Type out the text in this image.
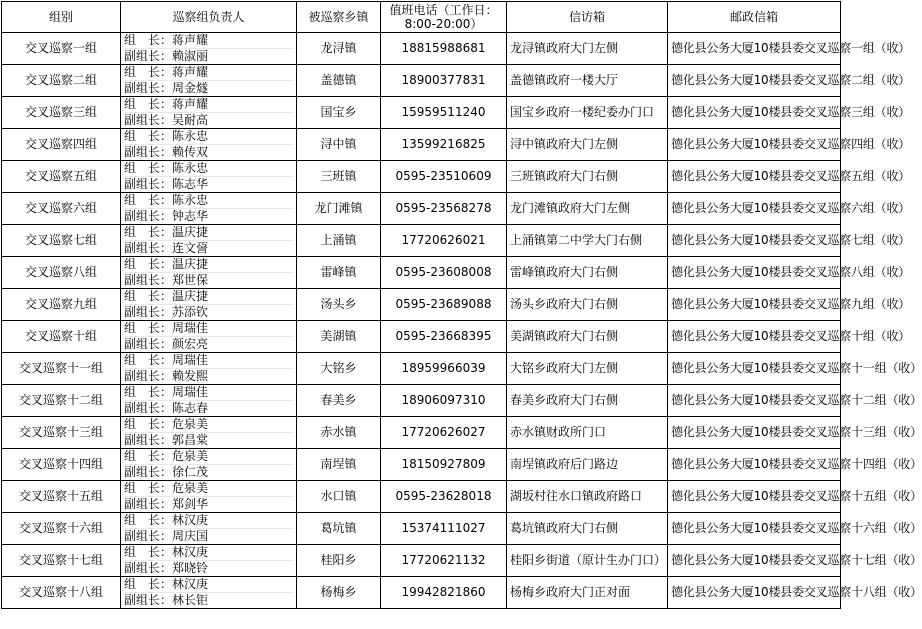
组别	巡察组负责人	被巡察乡镇	值班电话（工作日：8:00-20:00）	信访箱	邮政信箱
交叉巡察一组	组　长：蒋声耀
副组长：赖淑丽	龙浔镇	18815988681	龙浔镇政府大门左侧	德化县公务大厦10楼县委交叉巡察一组（收）
交叉巡察二组	组　长：蒋声耀
副组长：周金燧	盖德镇	18900377831	盖德镇政府一楼大厅	德化县公务大厦10楼县委交叉巡察二组（收）
交叉巡察三组	组　长：蒋声耀
副组长：吴耐高	国宝乡	15959511240	国宝乡政府一楼纪委办门口	德化县公务大厦10楼县委交叉巡察三组（收）
交叉巡察四组	组　长：陈永忠
副组长：赖传双	浔中镇	13599216825	浔中镇政府大门左侧	德化县公务大厦10楼县委交叉巡察四组（收）
交叉巡察五组	组　长：陈永忠
副组长：陈志华	三班镇	0595-23510609	三班镇政府大门右侧	德化县公务大厦10楼县委交叉巡察五组（收）
交叉巡察六组	组　长：陈永忠
副组长：钟志华	龙门滩镇	0595-23568278	龙门滩镇政府大门左侧	德化县公务大厦10楼县委交叉巡察六组（收）
交叉巡察七组	组　长：温庆捷
副组长：连文䛒	上涌镇	17720626021	上涌镇第二中学大门右侧	德化县公务大厦10楼县委交叉巡察七组（收）
交叉巡察八组	组　长：温庆捷
副组长：郑世保	雷峰镇	0595-23608008	雷峰镇政府大门右侧	德化县公务大厦10楼县委交叉巡察八组（收）
交叉巡察九组	组　长：温庆捷
副组长：苏添钦	汤头乡	0595-23689088	汤头乡政府大门右侧	德化县公务大厦10楼县委交叉巡察九组（收）
交叉巡察十组	组　长：周瑞佳
副组长：颜宏亮	美湖镇	0595-23668395	美湖镇政府大门右侧	德化县公务大厦10楼县委交叉巡察十组（收）
交叉巡察十一组	组　长：周瑞佳
副组长：赖发熙	大铭乡	18959966039	大铭乡政府大门左侧	德化县公务大厦10楼县委交叉巡察十一组（收）
交叉巡察十二组	组　长：周瑞佳
副组长：陈志春	春美乡	18906097310	春美乡政府大门右侧	德化县公务大厦10楼县委交叉巡察十二组（收）
交叉巡察十三组	组　长：危泉美
副组长：郭昌棠	赤水镇	17720626027	赤水镇财政所门口	德化县公务大厦10楼县委交叉巡察十三组（收）
交叉巡察十四组	组　长：危泉美
副组长：徐仁茂	南埕镇	18150927809	南埕镇政府后门路边	德化县公务大厦10楼县委交叉巡察十四组（收）
交叉巡察十五组	组　长：危泉美
副组长：郑剑华	水口镇	0595-23628018	湖坂村往水口镇政府路口	德化县公务大厦10楼县委交叉巡察十五组（收）
交叉巡察十六组	组　长：林汉庚
副组长：周庆国	葛坑镇	15374111027	葛坑镇政府大门右侧	德化县公务大厦10楼县委交叉巡察十六组（收）
交叉巡察十七组	组　长：林汉庚
副组长：郑晓铃	桂阳乡	17720621132	桂阳乡街道（原计生办门口）	德化县公务大厦10楼县委交叉巡察十七组（收）
交叉巡察十八组	组　长：林汉庚
副组长：林长钜	杨梅乡	19942821860	杨梅乡政府大门正对面	德化县公务大厦10楼县委交叉巡察十八组（收）
